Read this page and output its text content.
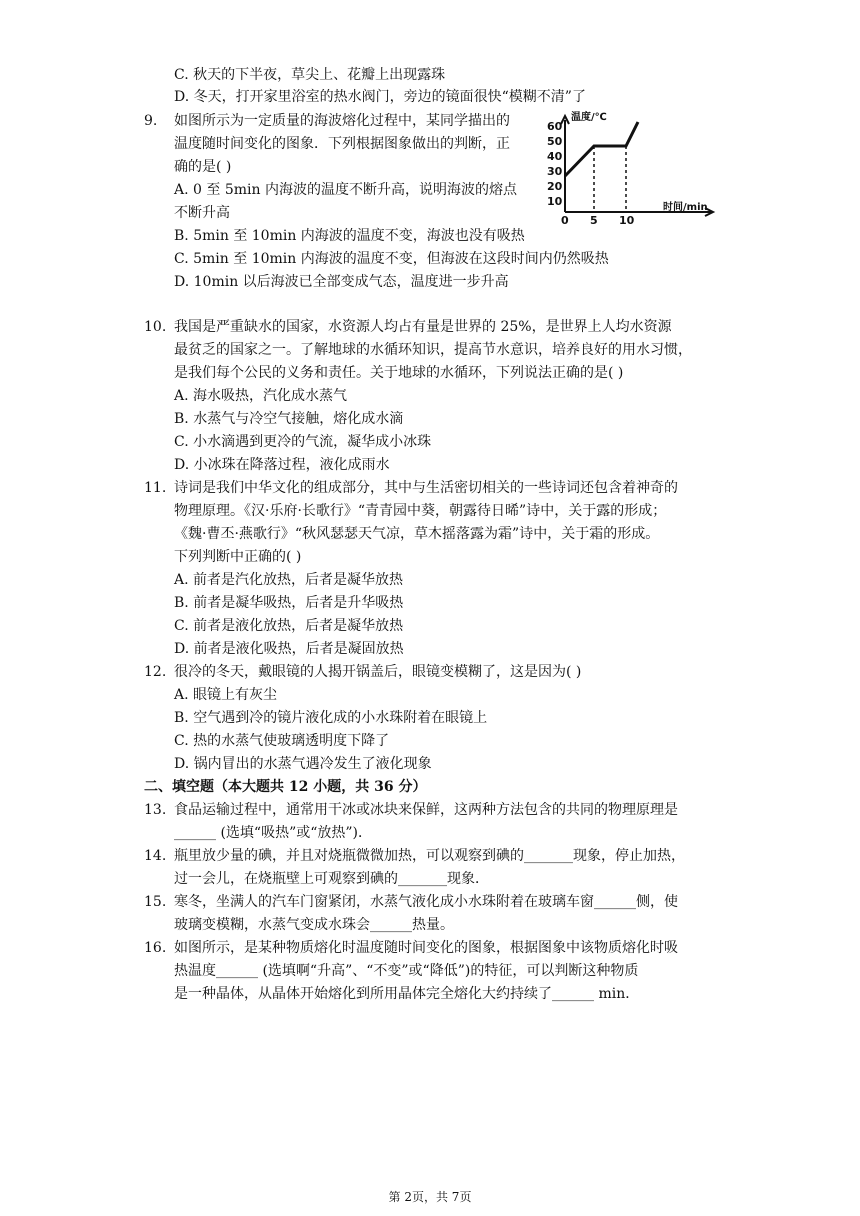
C. 秋天的下半夜，草尖上、花瓣上出现露珠
D. 冬天，打开家里浴室的热水阀门，旁边的镜面很快“模糊不清”了
9. 如图所示为一定质量的海波熔化过程中，某同学描出的
温度随时间变化的图象．下列根据图象做出的判断，正
确的是( )
A. 0 至 5min 内海波的温度不断升高，说明海波的熔点
不断升高
B. 5min 至 10min 内海波的温度不变，海波也没有吸热
C. 5min 至 10min 内海波的温度不变，但海波在这段时间内仍然吸热
D. 10min 以后海波已全部变成气态，温度进一步升高
60
50
40
30
20
10
0 5 10
温度/℃
时间/min
10. 我国是严重缺水的国家，水资源人均占有量是世界的 25%，是世界上人均水资源
最贫乏的国家之一。了解地球的水循环知识，提高节水意识，培养良好的用水习惯，
是我们每个公民的义务和责任。关于地球的水循环，下列说法正确的是( )
A. 海水吸热，汽化成水蒸气
B. 水蒸气与冷空气接触，熔化成水滴
C. 小水滴遇到更冷的气流，凝华成小冰珠
D. 小冰珠在降落过程，液化成雨水
11. 诗词是我们中华文化的组成部分，其中与生活密切相关的一些诗词还包含着神奇的
物理原理。《汉·乐府·长歌行》“青青园中葵，朝露待日晞”诗中，关于露的形成；
《魏·曹丕·燕歌行》“秋风瑟瑟天气凉，草木摇落露为霜”诗中，关于霜的形成。
下列判断中正确的( )
A. 前者是汽化放热，后者是凝华放热
B. 前者是凝华吸热，后者是升华吸热
C. 前者是液化放热，后者是凝华放热
D. 前者是液化吸热，后者是凝固放热
12. 很冷的冬天，戴眼镜的人揭开锅盖后，眼镜变模糊了，这是因为( )
A. 眼镜上有灰尘
B. 空气遇到冷的镜片液化成的小水珠附着在眼镜上
C. 热的水蒸气使玻璃透明度下降了
D. 锅内冒出的水蒸气遇冷发生了液化现象
二、填空题（本大题共 12 小题，共 36 分）
13. 食品运输过程中，通常用干冰或冰块来保鲜，这两种方法包含的共同的物理原理是
______ (选填“吸热”或“放热”)．
14. 瓶里放少量的碘，并且对烧瓶微微加热，可以观察到碘的_______现象，停止加热，
过一会儿，在烧瓶壁上可观察到碘的_______现象．
15. 寒冬，坐满人的汽车门窗紧闭，水蒸气液化成小水珠附着在玻璃车窗______侧，使
玻璃变模糊，水蒸气变成水珠会______热量。
16. 如图所示，是某种物质熔化时温度随时间变化的图象，根据图象中该物质熔化时吸
热温度______ (选填啊“升高”、“不变”或“降低”)的特征，可以判断这种物质
是一种晶体，从晶体开始熔化到所用晶体完全熔化大约持续了______ min．
第 2页，共 7页
